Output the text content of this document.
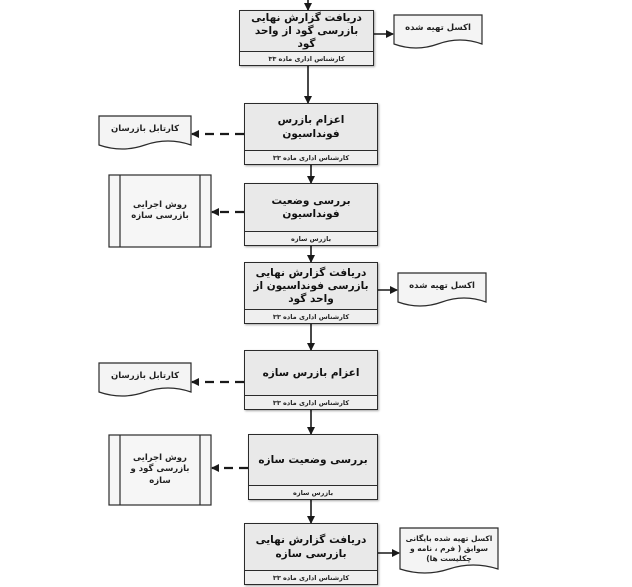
دریافت گزارش نهایی بازرسی گود از واحد گود
کارشناس اداری ماده ۳۳
اعزام بازرس فونداسیون
کارشناس اداری ماده ۳۳
بررسی وضعیت فونداسیون
بازرس سازه
دریافت گزارش نهایی بازرسی فونداسیون از واحد گود
کارشناس اداری ماده ۳۳
اعزام بازرس سازه
کارشناس اداری ماده ۳۳
بررسی وضعیت سازه
بازرس سازه
دریافت گزارش نهایی بازرسی سازه
کارشناس اداری ماده ۳۳
اکسل تهیه شده
کارتابل بازرسان
اکسل تهیه شده
کارتابل بازرسان
اکسل تهیه شده بایگانی سوابق ( فرم ، نامه و چکلیست ها)
روش اجرایی بازرسی سازه
روش اجرایی بازرسی گود و سازه
